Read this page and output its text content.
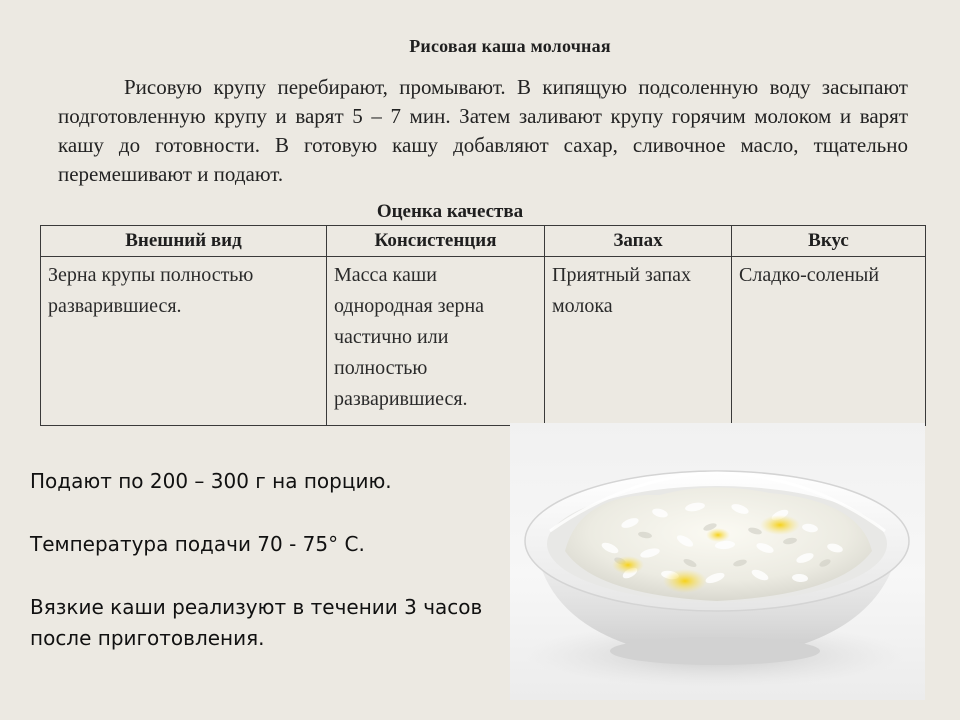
Рисовая каша молочная
Рисовую крупу перебирают, промывают. В кипящую подсоленную воду засыпают подготовленную крупу и варят 5 – 7 мин. Затем заливают крупу горячим молоком и варят кашу до готовности. В готовую кашу добавляют сахар, сливочное масло, тщательно перемешивают и подают.
Оценка качества
Внешний вид	Консистенция	Запах	Вкус
Зерна крупы полностью разварившиеся.	Масса каши однородная зерна частично или полностью разварившиеся.	Приятный запах молока	Сладко-соленый

Подают по 200 – 300 г на порцию.

Температура подачи 70 - 75° С.

Вязкие каши реализуют в течении 3 часов после приготовления.
